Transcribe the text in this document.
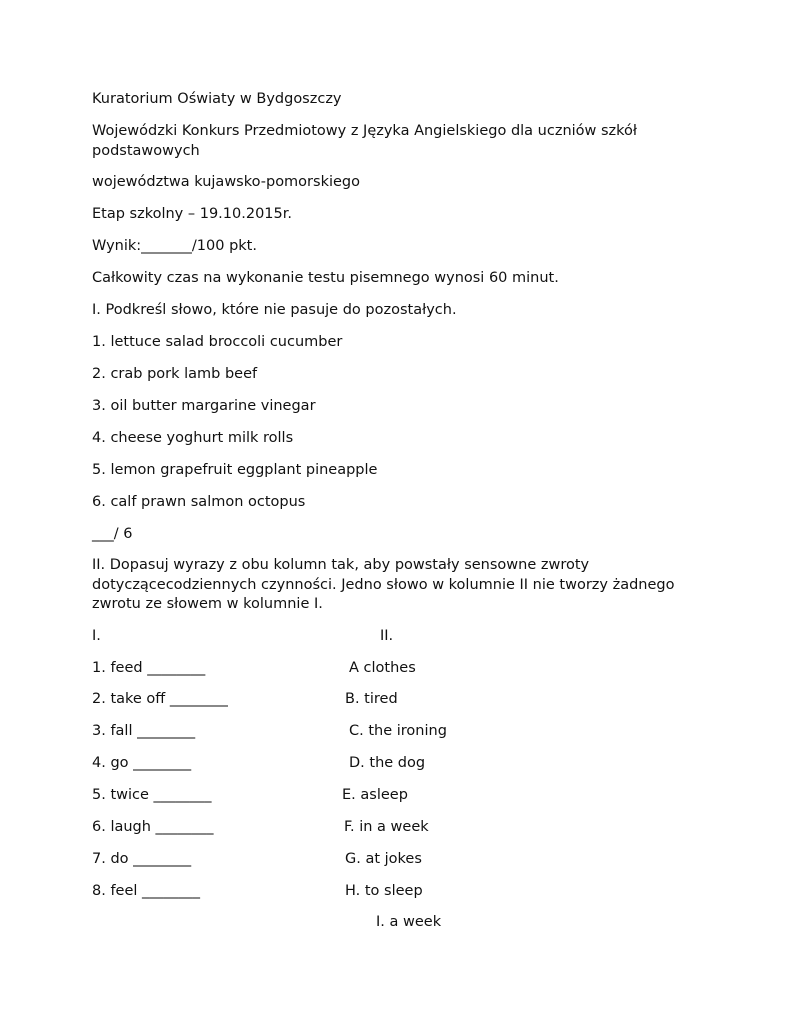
Kuratorium Oświaty w Bydgoszczy
Wojewódzki Konkurs Przedmiotowy z Języka Angielskiego dla uczniów szkół podstawowych
województwa kujawsko-pomorskiego
Etap szkolny – 19.10.2015r.
Wynik:_______/100 pkt.
Całkowity czas na wykonanie testu pisemnego wynosi 60 minut.
I. Podkreśl słowo, które nie pasuje do pozostałych.
1. lettuce salad broccoli cucumber
2. crab pork lamb beef
3. oil butter margarine vinegar
4. cheese yoghurt milk rolls
5. lemon grapefruit eggplant pineapple
6. calf prawn salmon octopus
___/ 6
II. Dopasuj wyrazy z obu kolumn tak, aby powstały sensowne zwroty dotyczącecodziennych czynności. Jedno słowo w kolumnie II nie tworzy żadnego zwrotu ze słowem w kolumnie I.
I.	II.
1. feed ________
2. take off ________
3. fall ________
4. go ________
5. twice ________
6. laugh ________
7. do ________
8. feel ________
A clothes
B. tired
C. the ironing
D. the dog
E. asleep
F. in a week
G. at jokes
H. to sleep
I. a week
